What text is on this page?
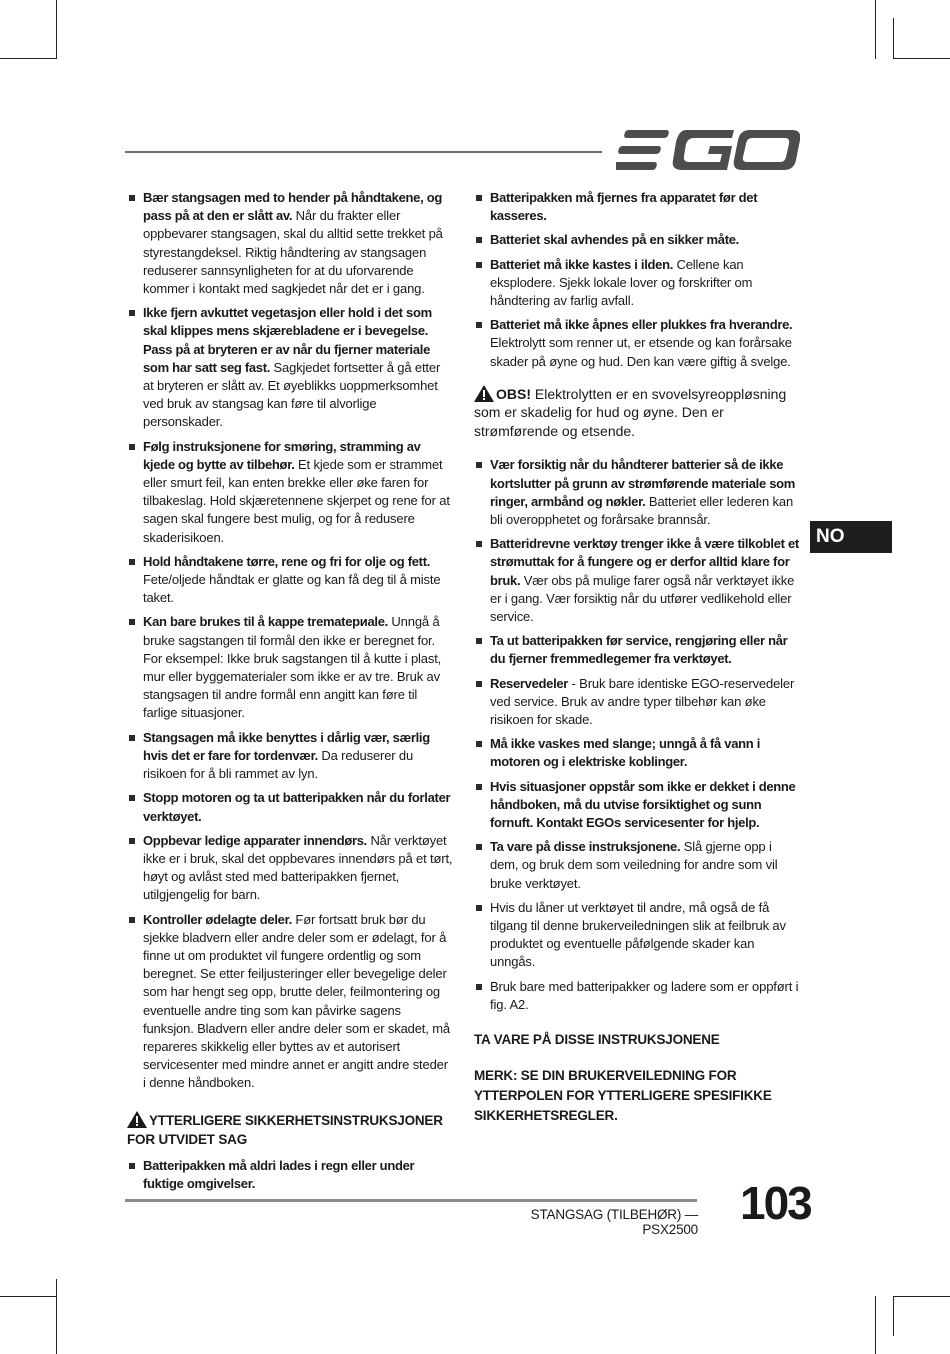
Bær stangsagen med to hender på håndtakene, og pass på at den er slått av. Når du frakter eller oppbevarer stangsagen, skal du alltid sette trekket på styrestangdeksel. Riktig håndtering av stangsagen reduserer sannsynligheten for at du uforvarende kommer i kontakt med sagkjedet når det er i gang.
Ikke fjern avkuttet vegetasjon eller hold i det som skal klippes mens skjærebladene er i bevegelse. Pass på at bryteren er av når du fjerner materiale som har satt seg fast. Sagkjedet fortsetter å gå etter at bryteren er slått av. Et øyeblikks uoppmerksomhet ved bruk av stangsag kan føre til alvorlige personskader.
Følg instruksjonene for smøring, stramming av kjede og bytte av tilbehør. Et kjede som er strammet eller smurt feil, kan enten brekke eller øke faren for tilbakeslag. Hold skjæretennene skjerpet og rene for at sagen skal fungere best mulig, og for å redusere skaderisikoen.
Hold håndtakene tørre, rene og fri for olje og fett. Fete/oljede håndtak er glatte og kan få deg til å miste taket.
Kan bare brukes til å kappe trematериale. Unngå å bruke sagstangen til formål den ikke er beregnet for. For eksempel: Ikke bruk sagstangen til å kutte i plast, mur eller byggematerialer som ikke er av tre. Bruk av stangsagen til andre formål enn angitt kan føre til farlige situasjoner.
Stangsagen må ikke benyttes i dårlig vær, særlig hvis det er fare for tordenvær. Da reduserer du risikoen for å bli rammet av lyn.
Stopp motoren og ta ut batteripakken når du forlater verktøyet.
Oppbevar ledige apparater innendørs. Når verktøyet ikke er i bruk, skal det oppbevares innendørs på et tørt, høyt og avlåst sted med batteripakken fjernet, utilgjengelig for barn.
Kontroller ødelagte deler. Før fortsatt bruk bør du sjekke bladvern eller andre deler som er ødelagt, for å finne ut om produktet vil fungere ordentlig og som beregnet. Se etter feiljusteringer eller bevegelige deler som har hengt seg opp, brutte deler, feilmontering og eventuelle andre ting som kan påvirke sagens funksjon. Bladvern eller andre deler som er skadet, må repareres skikkelig eller byttes av et autorisert servicesenter med mindre annet er angitt andre steder i denne håndboken.
YTTERLIGERE SIKKERHETSINSTRUKSJONER FOR UTVIDET SAG
Batteripakken må aldri lades i regn eller under fuktige omgivelser.
Batteripakken må fjernes fra apparatet før det kasseres.
Batteriet skal avhendes på en sikker måte.
Batteriet må ikke kastes i ilden. Cellene kan eksplodere. Sjekk lokale lover og forskrifter om håndtering av farlig avfall.
Batteriet må ikke åpnes eller plukkes fra hverandre. Elektrolytt som renner ut, er etsende og kan forårsake skader på øyne og hud. Den kan være giftig å svelge.
OBS! Elektrolytten er en svovelsyreoppløsning som er skadelig for hud og øyne. Den er strømførende og etsende.
Vær forsiktig når du håndterer batterier så de ikke kortslutter på grunn av strømførende materiale som ringer, armbånd og nøkler. Batteriet eller lederen kan bli overopphetet og forårsake brannsår.
Batteridrevne verktøy trenger ikke å være tilkoblet et strømuttak for å fungere og er derfor alltid klare for bruk. Vær obs på mulige farer også når verktøyet ikke er i gang. Vær forsiktig når du utfører vedlikehold eller service.
Ta ut batteripakken før service, rengjøring eller når du fjerner fremmedlegemer fra verktøyet.
Reservedeler - Bruk bare identiske EGO-reservedeler ved service. Bruk av andre typer tilbehør kan øke risikoen for skade.
Må ikke vaskes med slange; unngå å få vann i motoren og i elektriske koblinger.
Hvis situasjoner oppstår som ikke er dekket i denne håndboken, må du utvise forsiktighet og sunn fornuft. Kontakt EGOs servicesenter for hjelp.
Ta vare på disse instruksjonene. Slå gjerne opp i dem, og bruk dem som veiledning for andre som vil bruke verktøyet.
Hvis du låner ut verktøyet til andre, må også de få tilgang til denne brukerveiledningen slik at feilbruk av produktet og eventuelle påfølgende skader kan unngås.
Bruk bare med batteripakker og ladere som er oppført i fig. A2.
TA VARE PÅ DISSE INSTRUKSJONENE
MERK: SE DIN BRUKERVEILEDNING FOR YTTERPOLEN FOR YTTERLIGERE SPESIFIKKE SIKKERHETSREGLER.
NO
STANGSAG (TILBEHØR) — PSX2500
103
